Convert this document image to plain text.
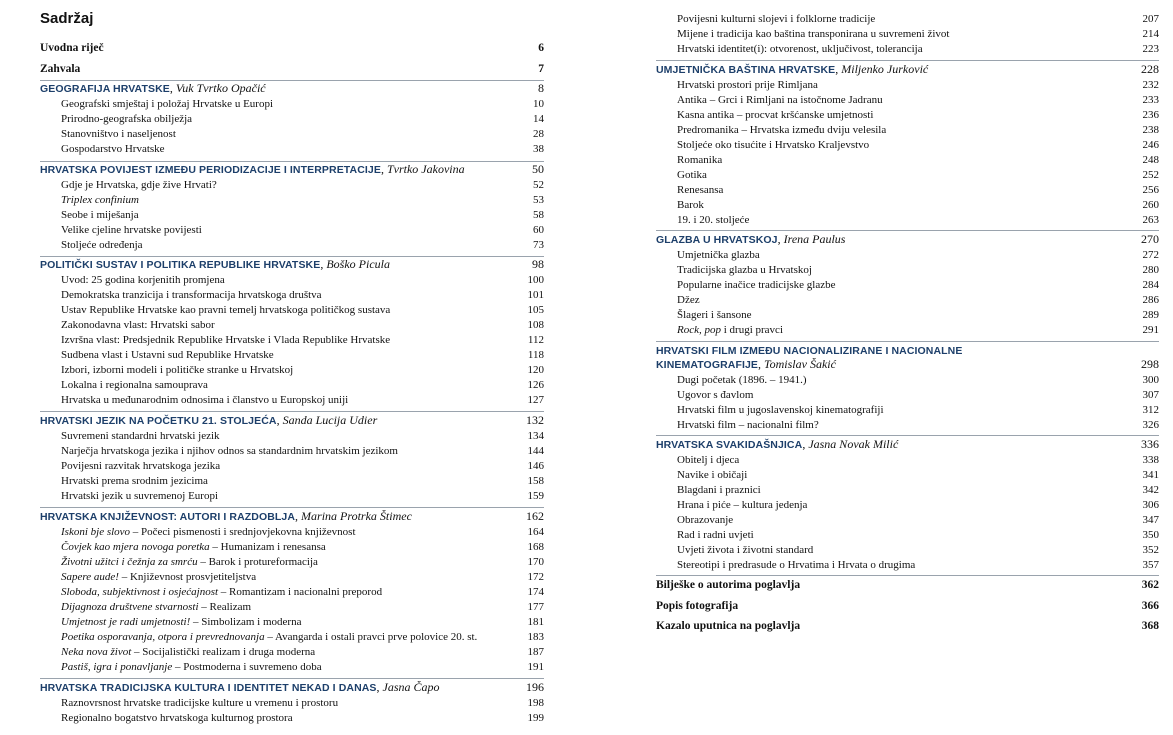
Sadržaj
Uvodna riječ	6
Zahvala	7
GEOGRAFIJA HRVATSKE, Vuk Tvrtko Opačić	8
Geografski smještaj i položaj Hrvatske u Europi	10
Prirodno-geografska obilježja	14
Stanovništvo i naseljenost	28
Gospodarstvo Hrvatske	38
HRVATSKA POVIJEST IZMEĐU PERIODIZACIJE I INTERPRETACIJE, Tvrtko Jakovina	50
Gdje je Hrvatska, gdje žive Hrvati?	52
Triplex confinium	53
Seobe i miješanja	58
Velike cjeline hrvatske povijesti	60
Stoljeće određenja	73
POLITIČKI SUSTAV I POLITIKA REPUBLIKE HRVATSKE, Boško Picula	98
Uvod: 25 godina korjenitih promjena	100
Demokratska tranzicija i transformacija hrvatskoga društva	101
Ustav Republike Hrvatske kao pravni temelj hrvatskoga političkog sustava	105
Zakonodavna vlast: Hrvatski sabor	108
Izvršna vlast: Predsjednik Republike Hrvatske i Vlada Republike Hrvatske	112
Sudbena vlast i Ustavni sud Republike Hrvatske	118
Izbori, izborni modeli i političke stranke u Hrvatskoj	120
Lokalna i regionalna samouprava	126
Hrvatska u međunarodnim odnosima i članstvo u Europskoj uniji	127
HRVATSKI JEZIK NA POČETKU 21. STOLJEĆA, Sanda Lucija Udier	132
Suvremeni standardni hrvatski jezik	134
Narječja hrvatskoga jezika i njihov odnos sa standardnim hrvatskim jezikom	144
Povijesni razvitak hrvatskoga jezika	146
Hrvatski prema srodnim jezicima	158
Hrvatski jezik u suvremenoj Europi	159
HRVATSKA KNJIŽEVNOST: AUTORI I RAZDOBLJA, Marina Protrka Štimec	162
Iskoni bje slovo – Počeci pismenosti i srednjovjekovna književnost	164
Čovjek kao mjera novoga poretka – Humanizam i renesansa	168
Životni užitci i čežnja za smrću – Barok i protureformacija	170
Sapere aude! – Književnost prosvjetiteljstva	172
Sloboda, subjektivnost i osjećajnost – Romantizam i nacionalni preporod	174
Dijagnoza društvene stvarnosti – Realizam	177
Umjetnost je radi umjetnosti! – Simbolizam i moderna	181
Poetika osporavanja, otpora i prevrednovanja – Avangarda i ostali pravci prve polovice 20. st.	183
Neka nova život – Socijalistički realizam i druga moderna	187
Pastiš, igra i ponavljanje – Postmoderna i suvremeno doba	191
HRVATSKA TRADICIJSKA KULTURA I IDENTITET NEKAD I DANAS, Jasna Čapo	196
Raznovrsnost hrvatske tradicijske kulture u vremenu i prostoru	198
Regionalno bogatstvo hrvatskoga kulturnog prostora	199
Povijesni kulturni slojevi i folklorne tradicije	207
Mijene i tradicija kao baština transponirana u suvremeni život	214
Hrvatski identitet(i): otvorenost, uključivost, tolerancija	223
UMJETNIČKA BAŠTINA HRVATSKE, Miljenko Jurković	228
Hrvatski prostori prije Rimljana	232
Antika – Grci i Rimljani na istočnome Jadranu	233
Kasna antika – procvat kršćanske umjetnosti	236
Predromanika – Hrvatska između dviju velesila	238
Stoljeće oko tisućite i Hrvatsko Kraljevstvo	246
Romanika	248
Gotika	252
Renesansa	256
Barok	260
19. i 20. stoljeće	263
GLAZBA U HRVATSKOJ, Irena Paulus	270
Umjetnička glazba	272
Tradicijska glazba u Hrvatskoj	280
Popularne inačice tradicijske glazbe	284
Džez	286
Šlageri i šansone	289
Rock, pop i drugi pravci	291
HRVATSKI FILM IZMEĐU NACIONALIZIRANE I NACIONALNE
KINEMATOGRAFIJE, Tomislav Šakić	298
Dugi početak (1896. – 1941.)	300
Ugovor s đavlom	307
Hrvatski film u jugoslavenskoj kinematografiji	312
Hrvatski film – nacionalni film?	326
HRVATSKA SVAKIDAŠNJICA, Jasna Novak Milić	336
Obitelj i djeca	338
Navike i običaji	341
Blagdani i praznici	342
Hrana i piće – kultura jedenja	306
Obrazovanje	347
Rad i radni uvjeti	350
Uvjeti života i životni standard	352
Stereotipi i predrasude o Hrvatima i Hrvata o drugima	357
Bilješke o autorima poglavlja	362
Popis fotografija	366
Kazalo uputnica na poglavlja	368
